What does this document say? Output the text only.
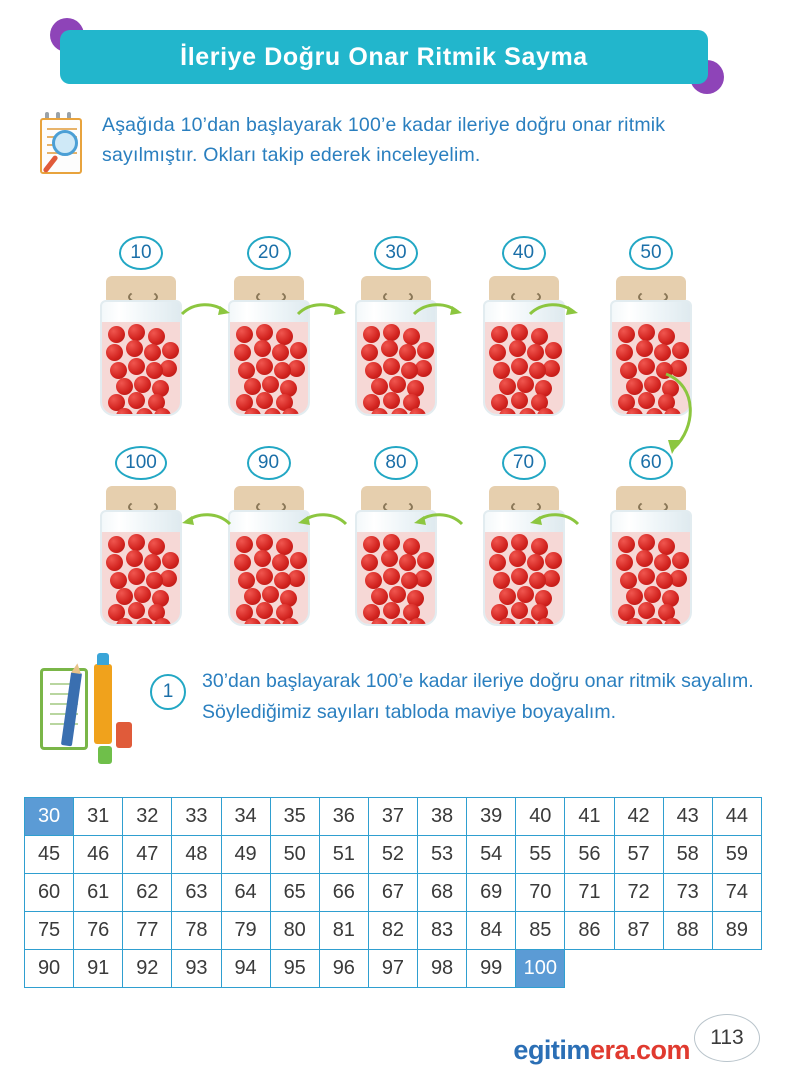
İleriye Doğru Onar Ritmik Sayma

Aşağıda 10’dan başlayarak 100’e kadar ileriye doğru onar ritmik sayılmıştır. Okları takip ederek inceleyelim.

10	20	30	40	50
100	90	80	70	60
1	30’dan başlayarak 100’e kadar ileriye doğru onar ritmik sayalım. Söylediğimiz sayıları tabloda maviye boyayalım.

30	31	32	33	34	35	36	37	38	39	40	41	42	43	44
45	46	47	48	49	50	51	52	53	54	55	56	57	58	59
60	61	62	63	64	65	66	67	68	69	70	71	72	73	74
75	76	77	78	79	80	81	82	83	84	85	86	87	88	89
90	91	92	93	94	95	96	97	98	99	100				
egitimera.com 113
